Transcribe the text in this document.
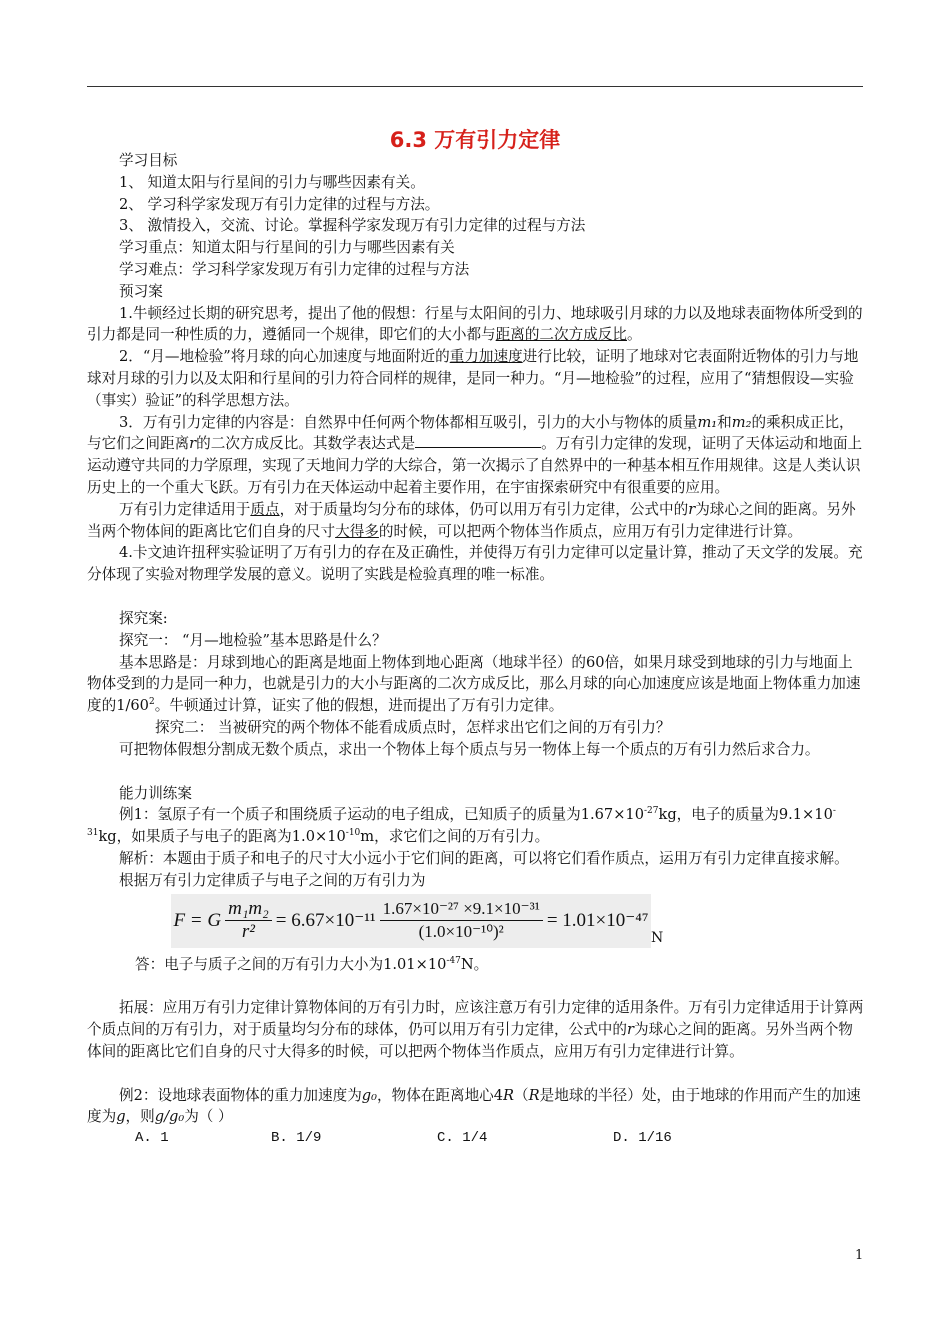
6.3 万有引力定律
学习目标
1、 知道太阳与行星间的引力与哪些因素有关。
2、 学习科学家发现万有引力定律的过程与方法。
3、 激情投入，交流、讨论。掌握科学家发现万有引力定律的过程与方法
学习重点：知道太阳与行星间的引力与哪些因素有关
学习难点：学习科学家发现万有引力定律的过程与方法
预习案
1.牛顿经过长期的研究思考，提出了他的假想：行星与太阳间的引力、地球吸引月球的力以及地球表面物体所受到的引力都是同一种性质的力，遵循同一个规律，即它们的大小都与距离的二次方成反比。
2．“月—地检验”将月球的向心加速度与地面附近的重力加速度进行比较，证明了地球对它表面附近物体的引力与地球对月球的引力以及太阳和行星间的引力符合同样的规律，是同一种力。“月—地检验”的过程，应用了“猜想假设—实验（事实）验证”的科学思想方法。
3．万有引力定律的内容是：自然界中任何两个物体都相互吸引，引力的大小与物体的质量m₁和m₂的乘积成正比，与它们之间距离r的二次方成反比。其数学表达式是	。万有引力定律的发现，证明了天体运动和地面上运动遵守共同的力学原理，实现了天地间力学的大综合，第一次揭示了自然界中的一种基本相互作用规律。这是人类认识历史上的一个重大飞跃。万有引力在天体运动中起着主要作用，在宇宙探索研究中有很重要的应用。
万有引力定律适用于质点，对于质量均匀分布的球体，仍可以用万有引力定律，公式中的r为球心之间的距离。另外当两个物体间的距离比它们自身的尺寸大得多的时候，可以把两个物体当作质点，应用万有引力定律进行计算。
4.卡文迪许扭秤实验证明了万有引力的存在及正确性，并使得万有引力定律可以定量计算，推动了天文学的发展。充分体现了实验对物理学发展的意义。说明了实践是检验真理的唯一标准。
探究案:
探究一： “月—地检验”基本思路是什么？
基本思路是：月球到地心的距离是地面上物体到地心距离（地球半径）的60倍，如果月球受到地球的引力与地面上物体受到的力是同一种力，也就是引力的大小与距离的二次方成反比，那么月球的向心加速度应该是地面上物体重力加速度的$1/60^2$。牛顿通过计算，证实了他的假想，进而提出了万有引力定律。
探究二： 当被研究的两个物体不能看成质点时，怎样求出它们之间的万有引力？
可把物体假想分割成无数个质点，求出一个物体上每个质点与另一物体上每一个质点的万有引力然后求合力。
能力训练案
例1：氢原子有一个质子和围绕质子运动的电子组成，已知质子的质量为$1.67\times 10^{-27}kg$，电子的质量为$9.1\times 10^{-31}kg$，如果质子与电子的距离为$1.0\times 10^{-10}m$，求它们之间的万有引力。
解析：本题由于质子和电子的尺寸大小远小于它们间的距离，可以将它们看作质点，运用万有引力定律直接求解。
根据万有引力定律质子与电子之间的万有引力为
F = G $\frac{\text{m₁m₂}}{\text{r²}} = 6.67\times 10^{-11} \frac{\text{1.67×10⁻²⁷ ×9.1×10⁻³¹}}{\text{(1.0×10⁻¹⁰)²}} = 1.01\times 10^{-47}$
N
答：电子与质子之间的万有引力大小为$1.01\times 10^{-47}N$。
拓展：应用万有引力定律计算物体间的万有引力时，应该注意万有引力定律的适用条件。万有引力定律适用于计算两个质点间的万有引力，对于质量均匀分布的球体，仍可以用万有引力定律，公式中的r为球心之间的距离。另外当两个物体间的距离比它们自身的尺寸大得多的时候，可以把两个物体当作质点，应用万有引力定律进行计算。
例2：设地球表面物体的重力加速度为g₀，物体在距离地心4R（R是地球的半径）处，由于地球的作用而产生的加速度为g，则g/g₀为（ ）
A. 1	B. 1/9	C. 1/4	D. 1/16
1
